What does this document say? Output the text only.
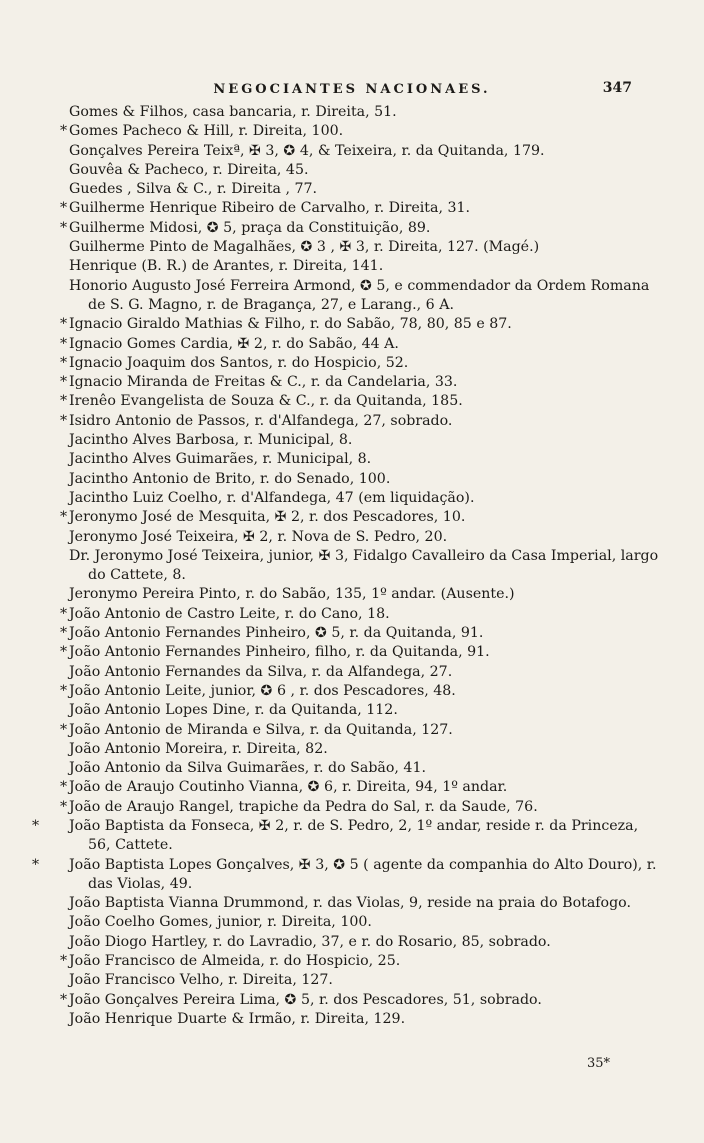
NEGOCIANTES NACIONAES.	347
Gomes & Filhos, casa bancaria, r. Direita, 51.
* Gomes Pacheco & Hill, r. Direita, 100.
Gonçalves Pereira Teixª, ✠ 3, ✪ 4, & Teixeira, r. da Quitanda, 179.
Gouvêa & Pacheco, r. Direita, 45.
Guedes , Silva & C., r. Direita , 77.
* Guilherme Henrique Ribeiro de Carvalho, r. Direita, 31.
* Guilherme Midosi, ✪ 5, praça da Constituição, 89.
Guilherme Pinto de Magalhães, ✪ 3 , ✠ 3, r. Direita, 127. (Magé.)
Henrique (B. R.) de Arantes, r. Direita, 141.
Honorio Augusto José Ferreira Armond, ✪ 5, e commendador da Ordem Romana de S. G. Magno, r. de Bragança, 27, e Larang., 6 A.
* Ignacio Giraldo Mathias & Filho, r. do Sabão, 78, 80, 85 e 87.
* Ignacio Gomes Cardia, ✠ 2, r. do Sabão, 44 A.
* Ignacio Joaquim dos Santos, r. do Hospicio, 52.
* Ignacio Miranda de Freitas & C., r. da Candelaria, 33.
* Irenêo Evangelista de Souza & C., r. da Quitanda, 185.
* Isidro Antonio de Passos, r. d'Alfandega, 27, sobrado.
Jacintho Alves Barbosa, r. Municipal, 8.
Jacintho Alves Guimarães, r. Municipal, 8.
Jacintho Antonio de Brito, r. do Senado, 100.
Jacintho Luiz Coelho, r. d'Alfandega, 47 (em liquidação).
* Jeronymo José de Mesquita, ✠ 2, r. dos Pescadores, 10.
Jeronymo José Teixeira, ✠ 2, r. Nova de S. Pedro, 20.
Dr. Jeronymo José Teixeira, junior, ✠ 3, Fidalgo Cavalleiro da Casa Imperial, largo do Cattete, 8.
Jeronymo Pereira Pinto, r. do Sabão, 135, 1º andar. (Ausente.)
* João Antonio de Castro Leite, r. do Cano, 18.
* João Antonio Fernandes Pinheiro, ✪ 5, r. da Quitanda, 91.
* João Antonio Fernandes Pinheiro, filho, r. da Quitanda, 91.
João Antonio Fernandes da Silva, r. da Alfandega, 27.
* João Antonio Leite, junior, ✪ 6 , r. dos Pescadores, 48.
João Antonio Lopes Dine, r. da Quitanda, 112.
* João Antonio de Miranda e Silva, r. da Quitanda, 127.
João Antonio Moreira, r. Direita, 82.
João Antonio da Silva Guimarães, r. do Sabão, 41.
* João de Araujo Coutinho Vianna, ✪ 6, r. Direita, 94, 1º andar.
* João de Araujo Rangel, trapiche da Pedra do Sal, r. da Saude, 76.
* João Baptista da Fonseca, ✠ 2, r. de S. Pedro, 2, 1º andar, reside r. da Princeza, 56, Cattete.
* João Baptista Lopes Gonçalves, ✠ 3, ✪ 5 ( agente da companhia do Alto Douro), r. das Violas, 49.
João Baptista Vianna Drummond, r. das Violas, 9, reside na praia do Botafogo.
João Coelho Gomes, junior, r. Direita, 100.
João Diogo Hartley, r. do Lavradio, 37, e r. do Rosario, 85, sobrado.
* João Francisco de Almeida, r. do Hospicio, 25.
João Francisco Velho, r. Direita, 127.
* João Gonçalves Pereira Lima, ✪ 5, r. dos Pescadores, 51, sobrado.
João Henrique Duarte & Irmão, r. Direita, 129.
35*
